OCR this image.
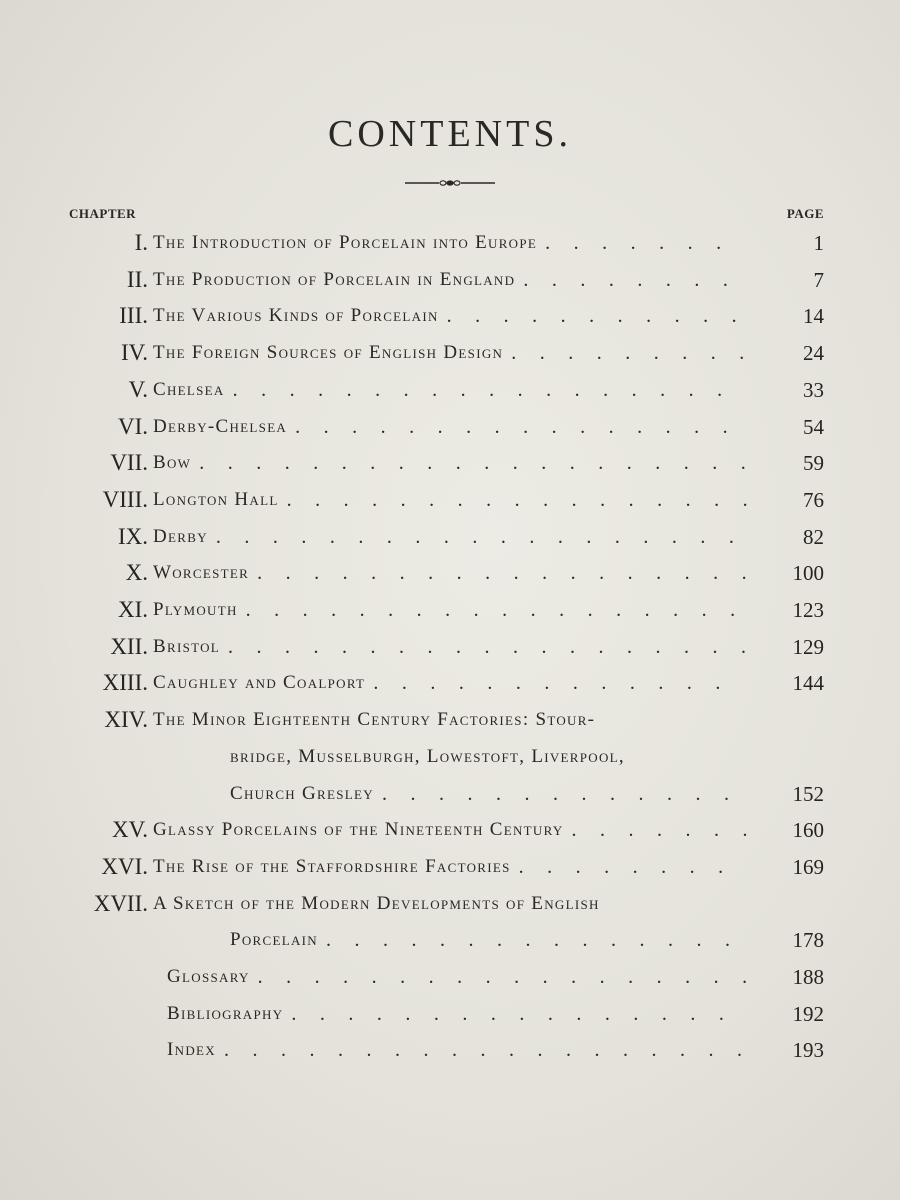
CONTENTS.
CHAPTER	PAGE
I. The Introduction of Porcelain into Europe	1
.......
II. The Production of Porcelain in England	7
........
III. The Various Kinds of Porcelain	14
...........
IV. The Foreign Sources of English Design	24
.........
V. Chelsea	33
..................
VI. Derby-Chelsea	54
................
VII. Bow	59
....................
VIII. Longton Hall	76
.................
IX. Derby	82
...................
X. Worcester	100
..................
XI. Plymouth	123
..................
XII. Bristol	129
...................
XIII. Caughley and Coalport	144
.............
XIV. The Minor Eighteenth Century Factories: Stour-
bridge, Musselburgh, Lowestoft, Liverpool,
Church Gresley	152
.............
XV. Glassy Porcelains of the Nineteenth Century	160
.......
XVI. The Rise of the Staffordshire Factories	169
........
XVII. A Sketch of the Modern Developments of English
Porcelain	178
...............
Glossary	188
..................
Bibliography	192
................
Index	193
...................
